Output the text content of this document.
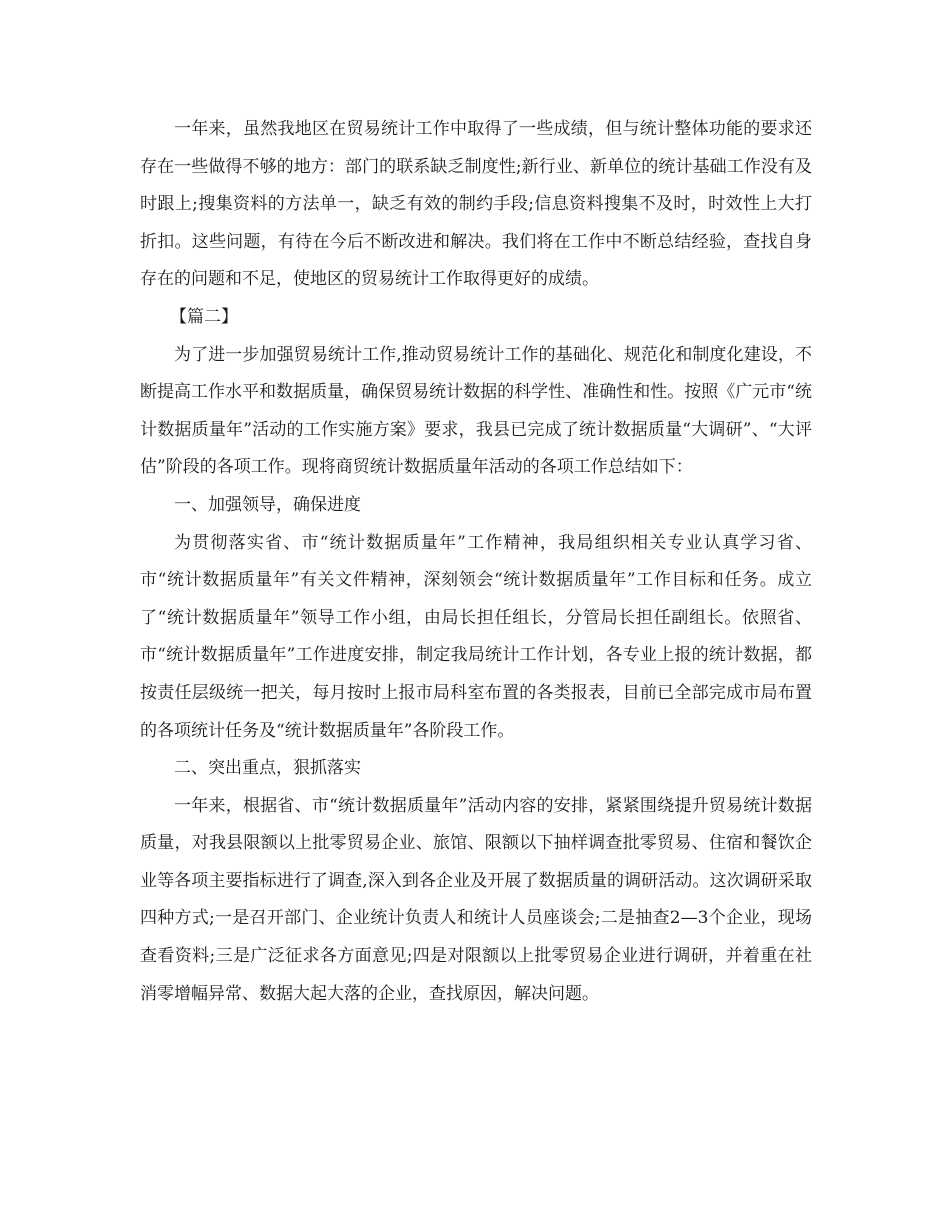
一年来，虽然我地区在贸易统计工作中取得了一些成绩，但与统计整体功能的要求还存在一些做得不够的地方：部门的联系缺乏制度性;新行业、新单位的统计基础工作没有及时跟上;搜集资料的方法单一，缺乏有效的制约手段;信息资料搜集不及时，时效性上大打折扣。这些问题，有待在今后不断改进和解决。我们将在工作中不断总结经验，查找自身存在的问题和不足，使地区的贸易统计工作取得更好的成绩。

【篇二】

为了进一步加强贸易统计工作,推动贸易统计工作的基础化、规范化和制度化建设，不断提高工作水平和数据质量，确保贸易统计数据的科学性、准确性和性。按照《广元市“统计数据质量年”活动的工作实施方案》要求，我县已完成了统计数据质量“大调研”、“大评估”阶段的各项工作。现将商贸统计数据质量年活动的各项工作总结如下：

一、加强领导，确保进度

为贯彻落实省、市“统计数据质量年”工作精神，我局组织相关专业认真学习省、市“统计数据质量年”有关文件精神，深刻领会“统计数据质量年”工作目标和任务。成立了“统计数据质量年”领导工作小组，由局长担任组长，分管局长担任副组长。依照省、市“统计数据质量年”工作进度安排，制定我局统计工作计划，各专业上报的统计数据，都按责任层级统一把关，每月按时上报市局科室布置的各类报表，目前已全部完成市局布置的各项统计任务及“统计数据质量年”各阶段工作。

二、突出重点，狠抓落实

一年来，根据省、市“统计数据质量年”活动内容的安排，紧紧围绕提升贸易统计数据质量，对我县限额以上批零贸易企业、旅馆、限额以下抽样调查批零贸易、住宿和餐饮企业等各项主要指标进行了调查,深入到各企业及开展了数据质量的调研活动。这次调研采取四种方式;一是召开部门、企业统计负责人和统计人员座谈会;二是抽查2—3个企业，现场查看资料;三是广泛征求各方面意见;四是对限额以上批零贸易企业进行调研，并着重在社消零增幅异常、数据大起大落的企业，查找原因，解决问题。
